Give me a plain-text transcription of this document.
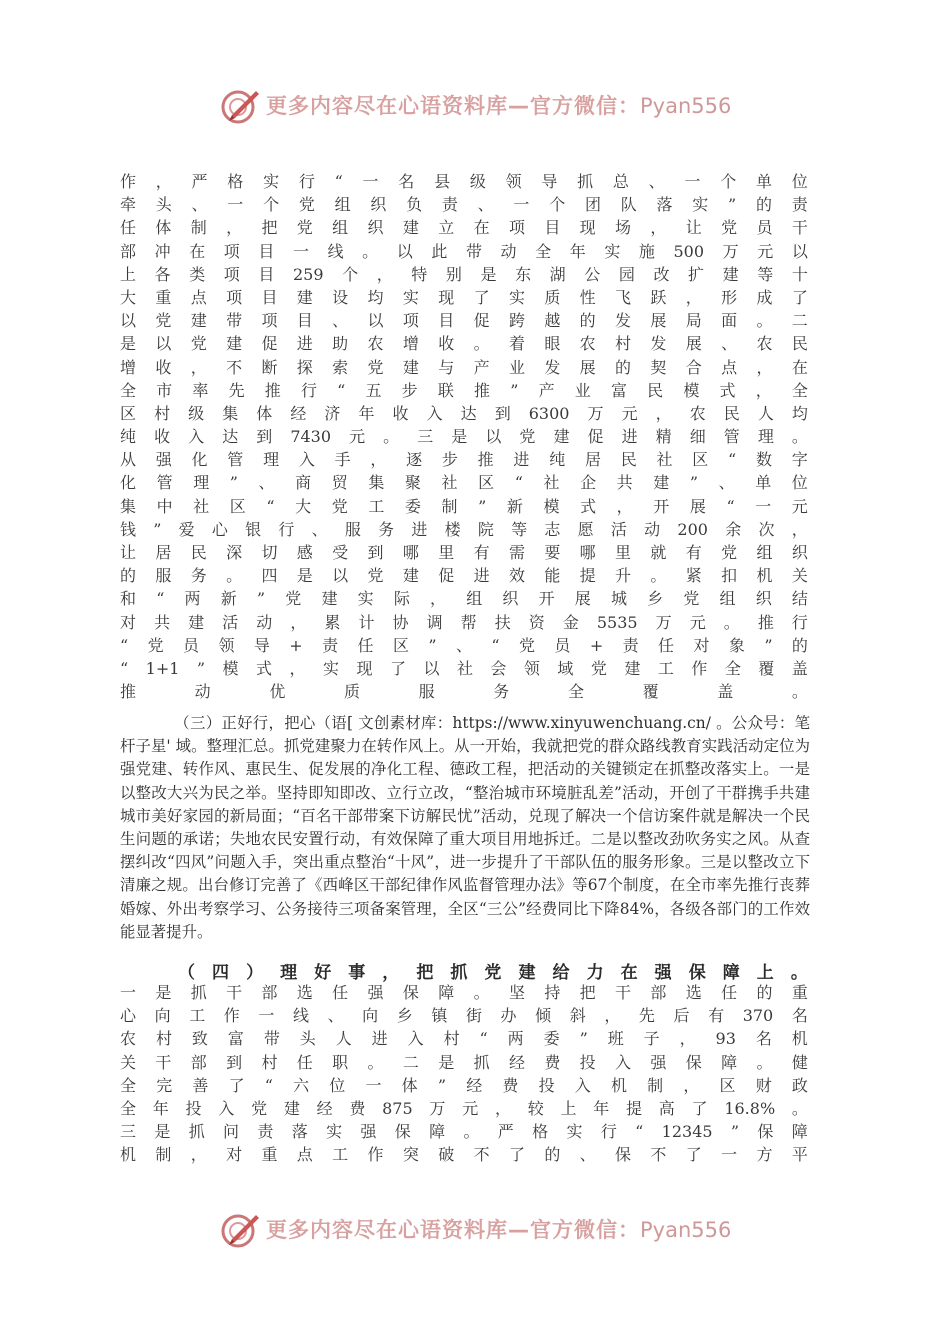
更多内容尽在心语资料库—官方微信：Pyan556
作 ， 严 格 实 行 “ 一 名 县 级 领 导 抓 总 、 一 个 单 位
牵 头 、 一 个 党 组 织 负 责 、 一 个 团 队 落 实 ” 的 责
任 体 制 ， 把 党 组 织 建 立 在 项 目 现 场 ， 让 党 员 干
部 冲 在 项 目 一 线 。 以 此 带 动 全 年 实 施 500 万 元 以
上 各 类 项 目 259 个 ， 特 别 是 东 湖 公 园 改 扩 建 等 十
大 重 点 项 目 建 设 均 实 现 了 实 质 性 飞 跃 ， 形 成 了
以 党 建 带 项 目 、 以 项 目 促 跨 越 的 发 展 局 面 。 二
是 以 党 建 促 进 助 农 增 收 。 着 眼 农 村 发 展 、 农 民
增 收 ， 不 断 探 索 党 建 与 产 业 发 展 的 契 合 点 ， 在
全 市 率 先 推 行 “ 五 步 联 推 ” 产 业 富 民 模 式 ， 全
区 村 级 集 体 经 济 年 收 入 达 到 6300 万 元 ， 农 民 人 均
纯 收 入 达 到 7430 元 。 三 是 以 党 建 促 进 精 细 管 理 。
从 强 化 管 理 入 手 ， 逐 步 推 进 纯 居 民 社 区 “ 数 字
化 管 理 ” 、 商 贸 集 聚 社 区 “ 社 企 共 建 ” 、 单 位
集 中 社 区 “ 大 党 工 委 制 ” 新 模 式 ， 开 展 “ 一 元
钱 ” 爱 心 银 行 、 服 务 进 楼 院 等 志 愿 活 动 200 余 次 ，
让 居 民 深 切 感 受 到 哪 里 有 需 要 哪 里 就 有 党 组 织
的 服 务 。 四 是 以 党 建 促 进 效 能 提 升 。 紧 扣 机 关
和 “ 两 新 ” 党 建 实 际 ， 组 织 开 展 城 乡 党 组 织 结
对 共 建 活 动 ， 累 计 协 调 帮 扶 资 金 5535 万 元 。 推 行
“ 党 员 领 导 + 责 任 区 ” 、 “ 党 员 + 责 任 对 象 ” 的
“ 1+1 ” 模 式 ， 实 现 了 以 社 会 领 域 党 建 工 作 全 覆 盖
推	动	优	质	服	务	全	覆	盖	。

（三）正好行，把心（语[ 文创素材库：https://www.xinyuwenchuang.cn/ 。公众号：笔杆子星' 域。整理汇总。抓党建聚力在转作风上。从一开始，我就把党的群众路线教育实践活动定位为强党建、转作风、惠民生、促发展的净化工程、德政工程，把活动的关键锁定在抓整改落实上。一是以整改大兴为民之举。坚持即知即改、立行立改，“整治城市环境脏乱差”活动，开创了干群携手共建城市美好家园的新局面；“百名干部带案下访解民忧”活动，兑现了解决一个信访案件就是解决一个民生问题的承诺；失地农民安置行动，有效保障了重大项目用地拆迁。二是以整改劲吹务实之风。从查摆纠改“四风”问题入手，突出重点整治“十风”，进一步提升了干部队伍的服务形象。三是以整改立下清廉之规。出台修订完善了《西峰区干部纪律作风监督管理办法》等67个制度，在全市率先推行丧葬婚嫁、外出考察学习、公务接待三项备案管理，全区“三公”经费同比下降84%，各级各部门的工作效能显著提升。

（ 四 ） 理 好 事 ， 把 抓 党 建 给 力 在 强 保 障 上 。
一 是 抓 干 部 选 任 强 保 障 。 坚 持 把 干 部 选 任 的 重
心 向 工 作 一 线 、 向 乡 镇 街 办 倾 斜 ， 先 后 有 370 名
农 村 致 富 带 头 人 进 入 村 “ 两 委 ” 班 子 ， 93 名 机
关 干 部 到 村 任 职 。 二 是 抓 经 费 投 入 强 保 障 。 健
全 完 善 了 “ 六 位 一 体 ” 经 费 投 入 机 制 ， 区 财 政
全 年 投 入 党 建 经 费 875 万 元 ， 较 上 年 提 高 了 16.8% 。
三 是 抓 问 责 落 实 强 保 障 。 严 格 实 行 “ 12345 ” 保 障
机 制 ， 对 重 点 工 作 突 破 不 了 的 、 保 不 了 一 方 平
更多内容尽在心语资料库—官方微信：Pyan556
